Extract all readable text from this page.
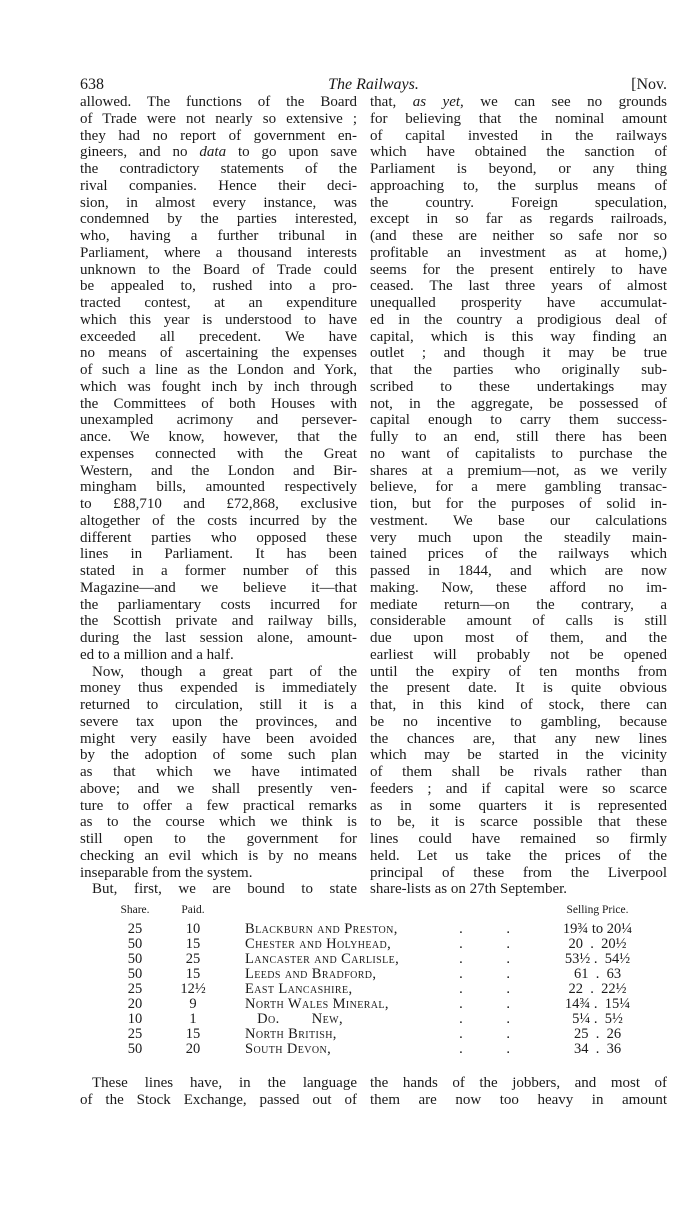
638	The Railways.	[Nov.
allowed. The functions of the Board
of Trade were not nearly so extensive ;
they had no report of government en-
gineers, and no data to go upon save
the contradictory statements of the
rival companies. Hence their deci-
sion, in almost every instance, was
condemned by the parties interested,
who, having a further tribunal in
Parliament, where a thousand interests
unknown to the Board of Trade could
be appealed to, rushed into a pro-
tracted contest, at an expenditure
which this year is understood to have
exceeded all precedent. We have
no means of ascertaining the expenses
of such a line as the London and York,
which was fought inch by inch through
the Committees of both Houses with
unexampled acrimony and persever-
ance. We know, however, that the
expenses connected with the Great
Western, and the London and Bir-
mingham bills, amounted respectively
to £88,710 and £72,868, exclusive
altogether of the costs incurred by the
different parties who opposed these
lines in Parliament. It has been
stated in a former number of this
Magazine—and we believe it—that
the parliamentary costs incurred for
the Scottish private and railway bills,
during the last session alone, amount-
ed to a million and a half.
Now, though a great part of the
money thus expended is immediately
returned to circulation, still it is a
severe tax upon the provinces, and
might very easily have been avoided
by the adoption of some such plan
as that which we have intimated
above; and we shall presently ven-
ture to offer a few practical remarks
as to the course which we think is
still open to the government for
checking an evil which is by no means
inseparable from the system.
But, first, we are bound to state
that, as yet, we can see no grounds
for believing that the nominal amount
of capital invested in the railways
which have obtained the sanction of
Parliament is beyond, or any thing
approaching to, the surplus means of
the country. Foreign speculation,
except in so far as regards railroads,
(and these are neither so safe nor so
profitable an investment as at home,)
seems for the present entirely to have
ceased. The last three years of almost
unequalled prosperity have accumulat-
ed in the country a prodigious deal of
capital, which is this way finding an
outlet ; and though it may be true
that the parties who originally sub-
scribed to these undertakings may
not, in the aggregate, be possessed of
capital enough to carry them success-
fully to an end, still there has been
no want of capitalists to purchase the
shares at a premium—not, as we verily
believe, for a mere gambling transac-
tion, but for the purposes of solid in-
vestment. We base our calculations
very much upon the steadily main-
tained prices of the railways which
passed in 1844, and which are now
making. Now, these afford no im-
mediate return—on the contrary, a
considerable amount of calls is still
due upon most of them, and the
earliest will probably not be opened
until the expiry of ten months from
the present date. It is quite obvious
that, in this kind of stock, there can
be no incentive to gambling, because
the chances are, that any new lines
which may be started in the vicinity
of them shall be rivals rather than
feeders ; and if capital were so scarce
as in some quarters it is represented
to be, it is scarce possible that these
lines could have remained so firmly
held. Let us take the prices of the
principal of these from the Liverpool
share-lists as on 27th September.
Share.	Paid.	Selling Price.
. .
25	10	Blackburn and Preston,	19¾ to 20¼
. .
50	15	Chester and Holyhead,	20  .  20½
. .
50	25	Lancaster and Carlisle,	53½ .  54½
. .
50	15	Leeds and Bradford,	61  .  63
. .
25	12½	East Lancashire,	22  .  22½
. .
20	9	North Wales Mineral,	14¾ .  15¼
. .
10	1	Do.        New,	5¼ .  5½
. .
25	15	North British,	25  .  26
. .
50	20	South Devon,	34  .  36
These lines have, in the language
of the Stock Exchange, passed out of
the hands of the jobbers, and most of
them are now too heavy in amount
